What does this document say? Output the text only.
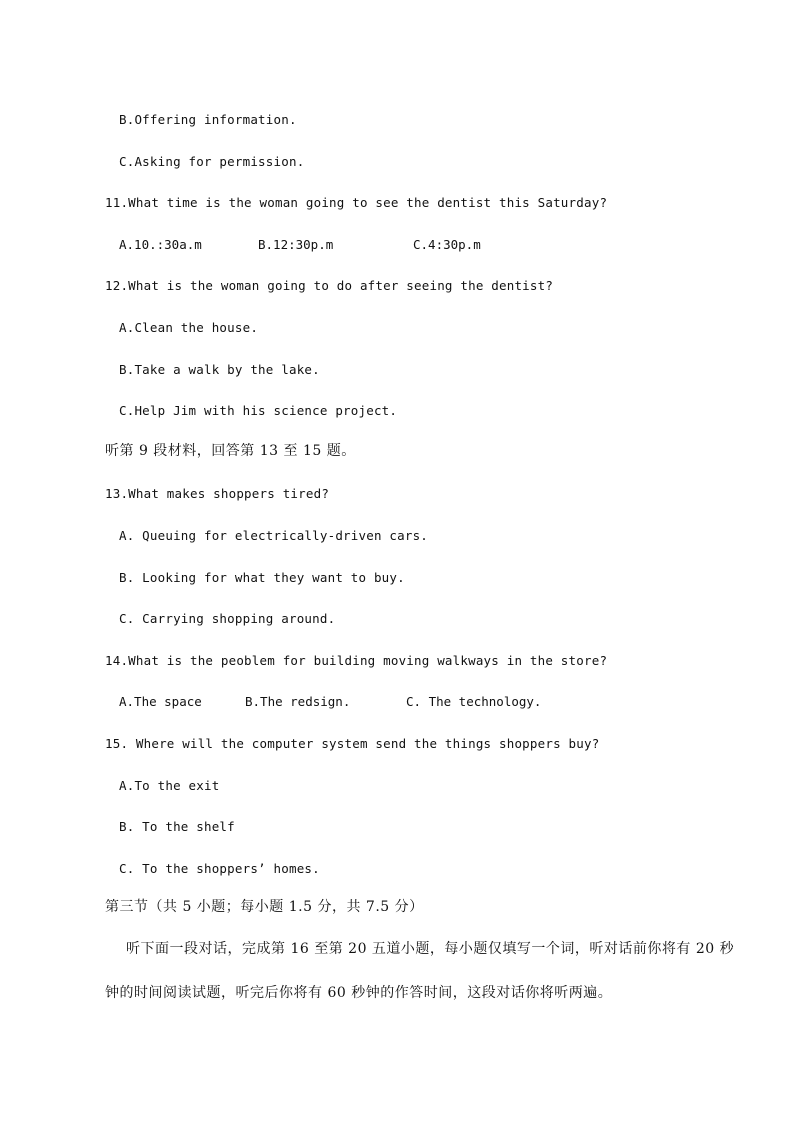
B.Offering information.
C.Asking for permission.
11.What time is the woman going to see the dentist this Saturday?
A.10.:30a.m	B.12:30p.m	C.4:30p.m
12.What is the woman going to do after seeing the dentist?
A.Clean the house.
B.Take a walk by the lake.
C.Help Jim with his science project.
听第 9 段材料，回答第 13 至 15 题。
13.What makes shoppers tired?
A. Queuing for electrically-driven cars.
B. Looking for what they want to buy.
C. Carrying shopping around.
14.What is the peoblem for building moving walkways in the store?
A.The space	B.The redsign.	C. The technology.
15. Where will the computer system send the things shoppers buy?
A.To the exit
B. To the shelf
C. To the shoppers’ homes.
第三节（共 5 小题；每小题 1.5 分，共 7.5 分）
听下面一段对话，完成第 16 至第 20 五道小题，每小题仅填写一个词，听对话前你将有 20 秒
钟的时间阅读试题，听完后你将有 60 秒钟的作答时间，这段对话你将听两遍。
